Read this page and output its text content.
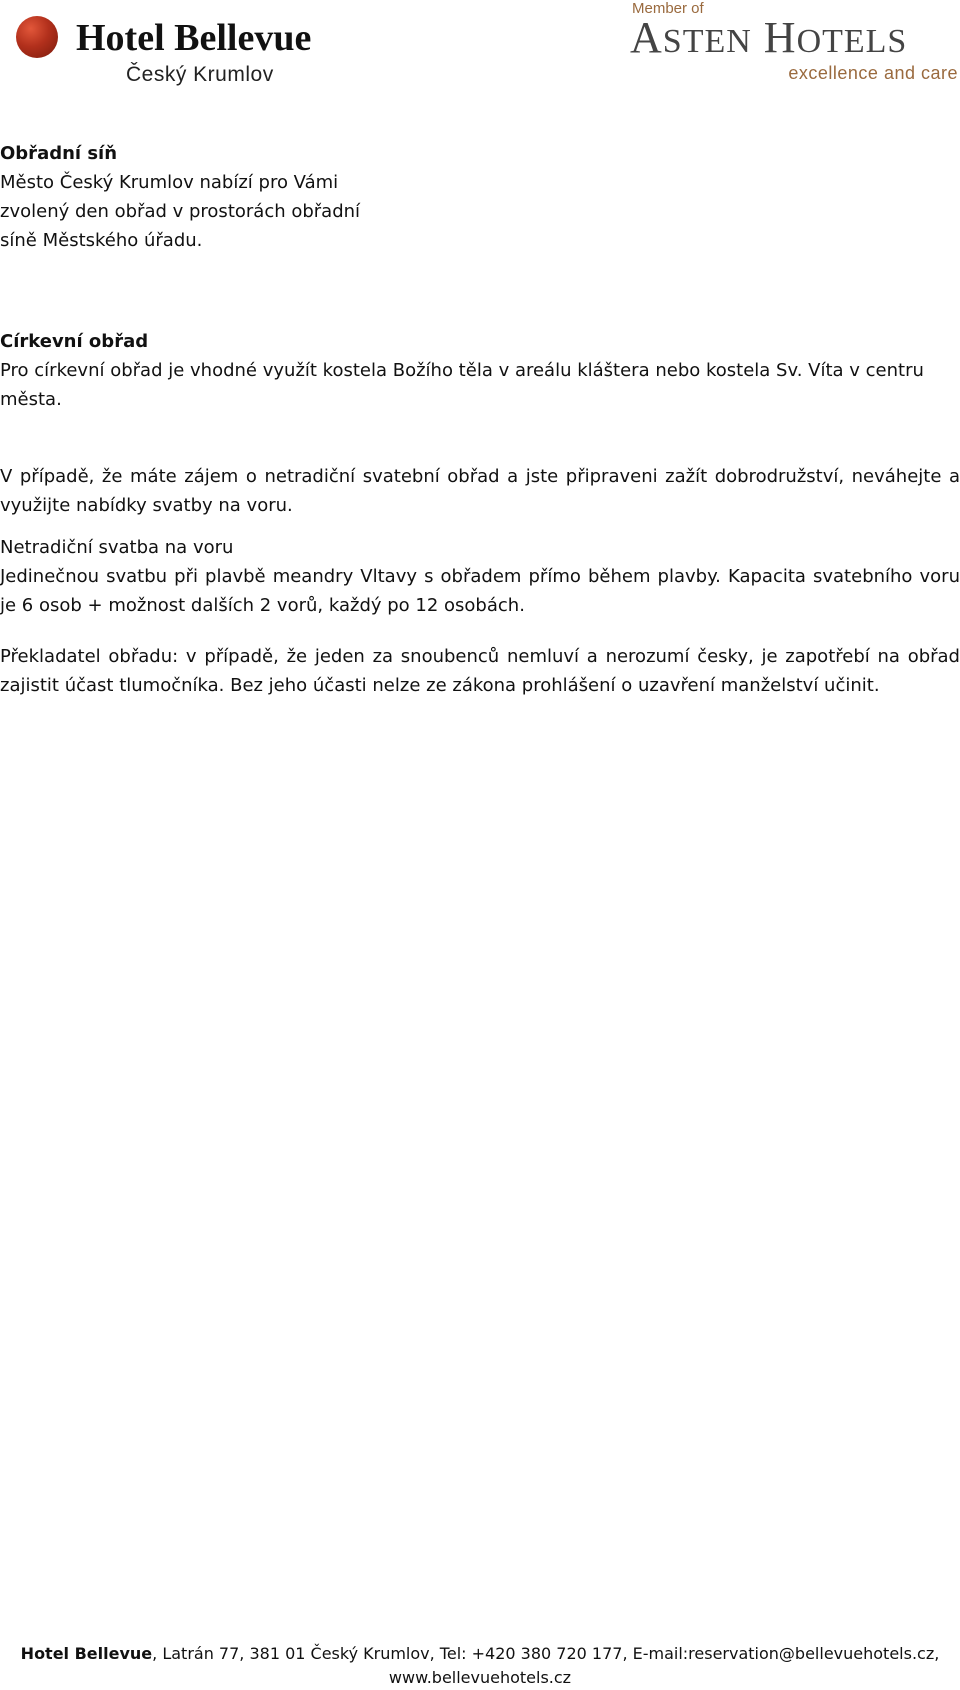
Hotel Bellevue
Český Krumlov
Member of
ASTEN HOTELS
excellence and care

Obřadní síň

Město Český Krumlov nabízí pro Vámi zvolený den obřad v prostorách obřadní síně Městského úřadu.

Církevní obřad

Pro církevní obřad je vhodné využít kostela Božího těla v areálu kláštera nebo kostela Sv. Víta v centru města.

V případě, že máte zájem o netradiční svatební obřad a jste připraveni zažít dobrodružství, neváhejte a využijte nabídky svatby na voru.

Netradiční svatba na voru

Jedinečnou svatbu při plavbě meandry Vltavy s obřadem přímo během plavby. Kapacita svatebního voru je 6 osob + možnost dalších 2 vorů, každý po 12 osobách.

Překladatel obřadu: v případě, že jeden za snoubenců nemluví a nerozumí česky, je zapotřebí na obřad zajistit účast tlumočníka. Bez jeho účasti nelze ze zákona prohlášení o uzavření manželství učinit.

Hotel Bellevue, Latrán 77, 381 01 Český Krumlov, Tel: +420 380 720 177, E-mail:reservation@bellevuehotels.cz,
www.bellevuehotels.cz
